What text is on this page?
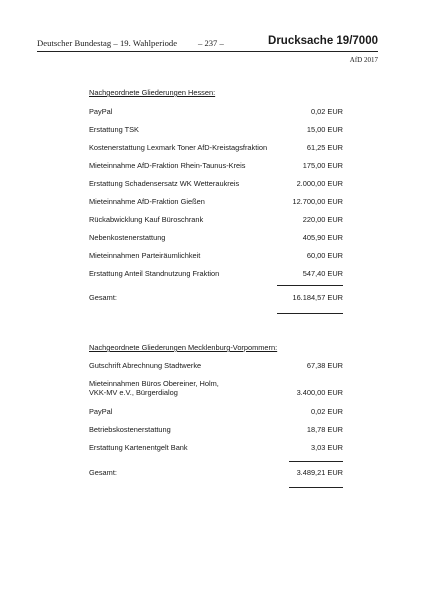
Deutscher Bundestag – 19. Wahlperiode – 237 –	Drucksache 19/7000
AfD 2017
Nachgeordnete Gliederungen Hessen:
PayPal	0,02 EUR
Erstattung TSK	15,00 EUR
Kostenerstattung Lexmark Toner AfD-Kreistagsfraktion	61,25 EUR
Mieteinnahme AfD-Fraktion Rhein-Taunus-Kreis	175,00 EUR
Erstattung Schadensersatz WK Wetteraukreis	2.000,00 EUR
Mieteinnahme AfD-Fraktion Gießen	12.700,00 EUR
Rückabwicklung Kauf Büroschrank	220,00 EUR
Nebenkostenerstattung	405,90 EUR
Mieteinnahmen Parteiräumlichkeit	60,00 EUR
Erstattung Anteil Standnutzung Fraktion	547,40 EUR
Gesamt:	16.184,57 EUR
Nachgeordnete Gliederungen Mecklenburg-Vorpommern:
Gutschrift Abrechnung Stadtwerke	67,38 EUR
Mieteinnahmen Büros Obereiner, Holm,
VKK-MV e.V., Bürgerdialog	3.400,00 EUR
PayPal	0,02 EUR
Betriebskostenerstattung	18,78 EUR
Erstattung Kartenentgelt Bank	3,03 EUR
Gesamt:	3.489,21 EUR
